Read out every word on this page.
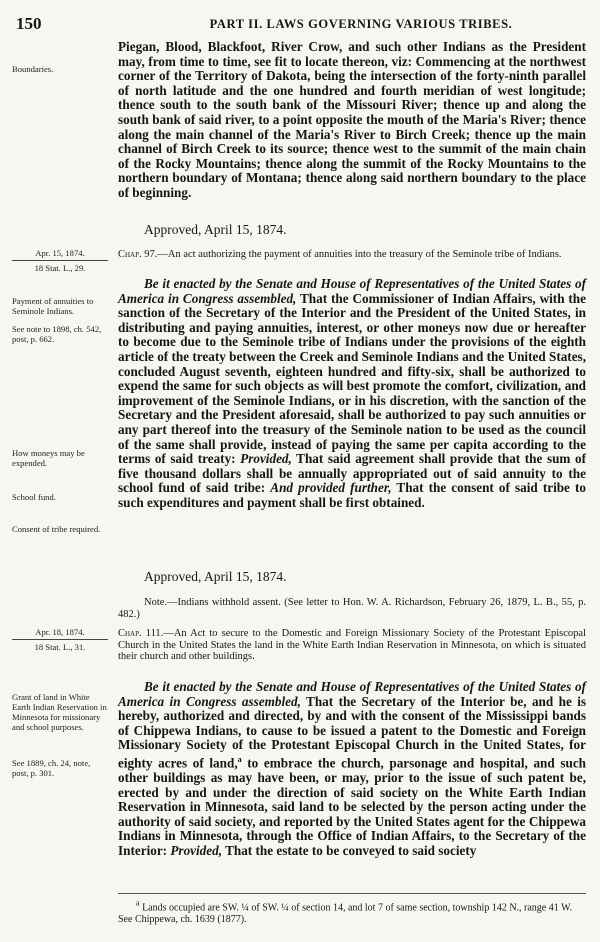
150	PART II. LAWS GOVERNING VARIOUS TRIBES.
Boundaries.
Apr. 15, 1874.
18 Stat. L., 29.
Payment of annuities to Seminole Indians.
See note to 1898, ch. 542, post, p. 662.
How moneys may be expended.
School fund.
Consent of tribe required.
Apr. 18, 1874.
18 Stat. L., 31.
Grant of land in White Earth Indian Reservation in Minnesota for missionary and school purposes.
See 1889, ch. 24, note, post, p. 301.

Piegan, Blood, Blackfoot, River Crow, and such other Indians as the President may, from time to time, see fit to locate thereon, viz: Commencing at the northwest corner of the Territory of Dakota, being the intersection of the forty-ninth parallel of north latitude and the one hundred and fourth meridian of west longitude; thence south to the south bank of the Missouri River; thence up and along the south bank of said river, to a point opposite the mouth of the Maria's River; thence along the main channel of the Maria's River to Birch Creek; thence up the main channel of Birch Creek to its source; thence west to the summit of the main chain of the Rocky Mountains; thence along the summit of the Rocky Mountains to the northern boundary of Montana; thence along said northern boundary to the place of beginning.

Approved, April 15, 1874.
Chap. 97.—An act authorizing the payment of annuities into the treasury of the Seminole tribe of Indians.

Be it enacted by the Senate and House of Representatives of the United States of America in Congress assembled, That the Commissioner of Indian Affairs, with the sanction of the Secretary of the Interior and the President of the United States, in distributing and paying annuities, interest, or other moneys now due or hereafter to become due to the Seminole tribe of Indians under the provisions of the eighth article of the treaty between the Creek and Seminole Indians and the United States, concluded August seventh, eighteen hundred and fifty-six, shall be authorized to expend the same for such objects as will best promote the comfort, civilization, and improvement of the Seminole Indians, or in his discretion, with the sanction of the Secretary and the President aforesaid, shall be authorized to pay such annuities or any part thereof into the treasury of the Seminole nation to be used as the council of the same shall provide, instead of paying the same per capita according to the terms of said treaty: Provided, That said agreement shall provide that the sum of five thousand dollars shall be annually appropriated out of said annuity to the school fund of said tribe: And provided further, That the consent of said tribe to such expenditures and payment shall be first obtained.

Approved, April 15, 1874.
Note.—Indians withhold assent. (See letter to Hon. W. A. Richardson, February 26, 1879, L. B., 55, p. 482.)
Chap. 111.—An Act to secure to the Domestic and Foreign Missionary Society of the Protestant Episcopal Church in the United States the land in the White Earth Indian Reservation in Minnesota, on which is situated their church and other buildings.

Be it enacted by the Senate and House of Representatives of the United States of America in Congress assembled, That the Secretary of the Interior be, and he is hereby, authorized and directed, by and with the consent of the Mississippi bands of Chippewa Indians, to cause to be issued a patent to the Domestic and Foreign Missionary Society of the Protestant Episcopal Church in the United States, for eighty acres of land,$^a$ to embrace the church, parsonage and hospital, and such other buildings as may have been, or may, prior to the issue of such patent be, erected by and under the direction of said society on the White Earth Indian Reservation in Minnesota, said land to be selected by the person acting under the authority of said society, and reported by the United States agent for the Chippewa Indians in Minnesota, through the Office of Indian Affairs, to the Secretary of the Interior: Provided, That the estate to be conveyed to said society

$^a$ Lands occupied are SW. ¼ of SW. ¼ of section 14, and lot 7 of same section, township 142 N., range 41 W. See Chippewa, ch. 1639 (1877).
